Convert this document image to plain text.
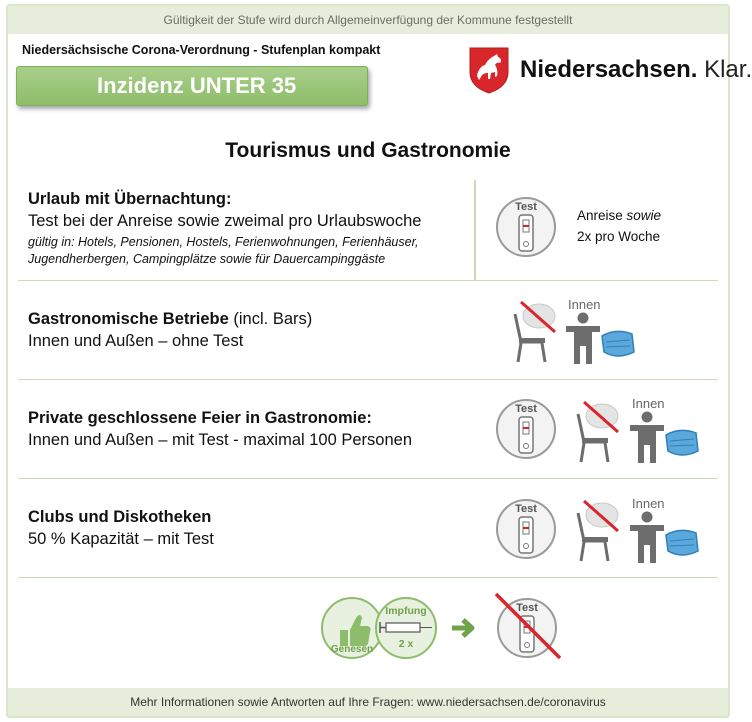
Gültigkeit der Stufe wird durch Allgemeinverfügung der Kommune festgestellt
Niedersächsische Corona-Verordnung - Stufenplan kompakt
Inzidenz UNTER 35
Niedersachsen. Klar.
Tourismus und Gastronomie
Urlaub mit Übernachtung:
Test bei der Anreise sowie zweimal pro Urlaubswoche
gültig in: Hotels, Pensionen, Hostels, Ferienwohnungen, Ferienhäuser, Jugendherbergen, Campingplätze sowie für Dauercampinggäste
Test
Anreise sowie
2x pro Woche
Gastronomische Betriebe (incl. Bars)
Innen und Außen – ohne Test
Innen
Private geschlossene Feier in Gastronomie:
Innen und Außen – mit Test - maximal 100 Personen
Test	Innen
Clubs und Diskotheken
50 % Kapazität – mit Test
Test	Innen
Genesen
Impfung
2 x
Test
Mehr Informationen sowie Antworten auf Ihre Fragen: www.niedersachsen.de/coronavirus
